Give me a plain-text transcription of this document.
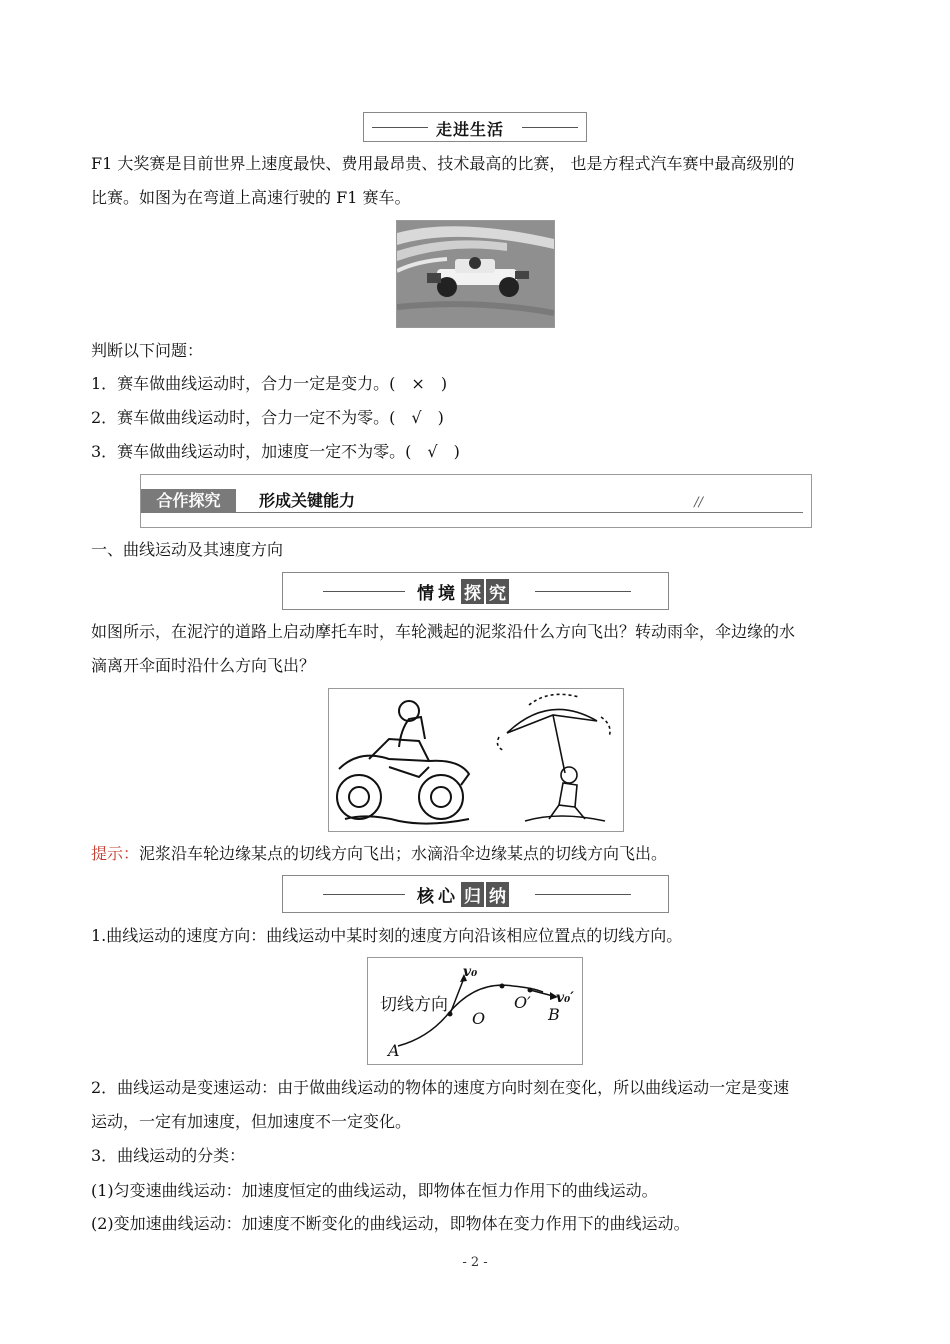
走进生活
F1 大奖赛是目前世界上速度最快、费用最昂贵、技术最高的比赛， 也是方程式汽车赛中最高级别的
比赛。如图为在弯道上高速行驶的 F1 赛车。
判断以下问题：
1．赛车做曲线运动时，合力一定是变力。(　×　)
2．赛车做曲线运动时，合力一定不为零。(　√　)
3．赛车做曲线运动时，加速度一定不为零。(　√　)
合作探究	形成关键能力	//
一、曲线运动及其速度方向
情 境 探 究
如图所示，在泥泞的道路上启动摩托车时，车轮溅起的泥浆沿什么方向飞出？转动雨伞，伞边缘的水
滴离开伞面时沿什么方向飞出？
提示：泥浆沿车轮边缘某点的切线方向飞出；水滴沿伞边缘某点的切线方向飞出。
核 心 归 纳
1.曲线运动的速度方向：曲线运动中某时刻的速度方向沿该相应位置点的切线方向。
切线方向
v₀
v₀′
O
O′
A
B
2．曲线运动是变速运动：由于做曲线运动的物体的速度方向时刻在变化，所以曲线运动一定是变速
运动，一定有加速度，但加速度不一定变化。
3．曲线运动的分类：
(1)匀变速曲线运动：加速度恒定的曲线运动，即物体在恒力作用下的曲线运动。
(2)变加速曲线运动：加速度不断变化的曲线运动，即物体在变力作用下的曲线运动。
- 2 -
